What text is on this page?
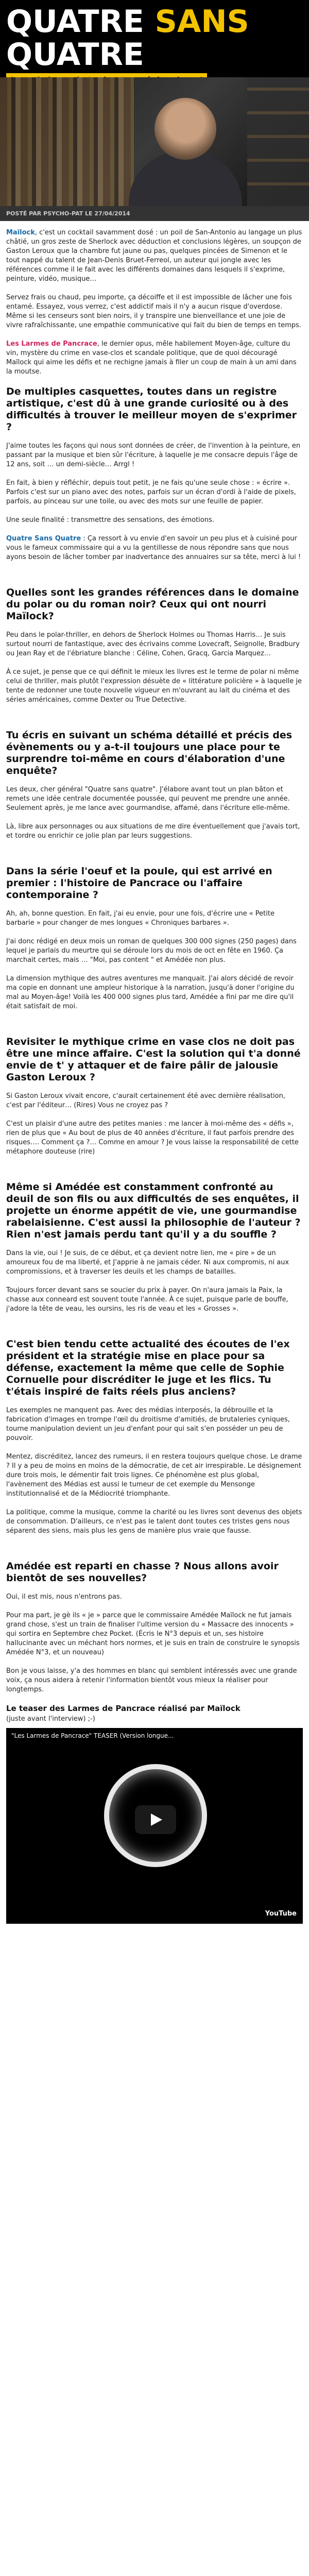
QUATRE SANS QUATRE
POSTÉ PAR PSYCHO-PAT LE 27/04/2014

Maïlock, c'est un cocktail savamment dosé : un poil de San-Antonio au langage un plus châtié, un gros zeste de Sherlock avec déduction et conclusions légères, un soupçon de Gaston Leroux que la chambre fut jaune ou pas, quelques pincées de Simenon et le tout nappé du talent de Jean-Denis Bruet-Ferreol, un auteur qui jongle avec les références comme il le fait avec les différents domaines dans lesquels il s'exprime, peinture, vidéo, musique…

Servez frais ou chaud, peu importe, ça décoiffe et il est impossible de lâcher une fois entamé. Essayez, vous verrez, c'est addictif mais il n'y a aucun risque d'overdose. Même si les censeurs sont bien noirs, il y transpire une bienveillance et une joie de vivre rafraîchissante, une empathie communicative qui fait du bien de temps en temps.

Les Larmes de Pancrace, le dernier opus, mêle habilement Moyen-âge, culture du vin, mystère du crime en vase-clos et scandale politique, que de quoi découragé Maïlock qui aime les défis et ne rechigne jamais à filer un coup de main à un ami dans la moutse.

De multiples casquettes, toutes dans un registre artistique, c'est dû à une grande curiosité ou à des difficultés à trouver le meilleur moyen de s'exprimer ?

J'aime toutes les façons qui nous sont données de créer, de l'invention à la peinture, en passant par la musique et bien sûr l'écriture, à laquelle je me consacre depuis l'âge de 12 ans, soit … un demi-siècle… Arrgl !

En fait, à bien y réfléchir, depuis tout petit, je ne fais qu'une seule chose : « écrire ». Parfois c'est sur un piano avec des notes, parfois sur un écran d'ordi à l'aide de pixels, parfois, au pinceau sur une toile, ou avec des mots sur une feuille de papier.

Une seule finalité : transmettre des sensations, des émotions.

Quatre Sans Quatre : Ça ressort à vu envie d'en savoir un peu plus et à cuisiné pour vous le fameux commissaire qui a vu la gentillesse de nous répondre sans que nous ayons besoin de lâcher tomber par inadvertance des annuaires sur sa tête, merci à lui !

Quelles sont les grandes références dans le domaine du polar ou du roman noir? Ceux qui ont nourri Maïlock?

Peu dans le polar-thriller, en dehors de Sherlock Holmes ou Thomas Harris… Je suis surtout nourri de fantastique, avec des écrivains comme Lovecraft, Seignolle, Bradbury ou Jean Ray et de l'ébriature blanche : Céline, Cohen, Gracq, Garcia Marquez…

À ce sujet, je pense que ce qui définit le mieux les livres est le terme de polar ni même celui de thriller, mais plutôt l'expression désuète de « littérature policière » à laquelle je tente de redonner une toute nouvelle vigueur en m'ouvrant au lait du cinéma et des séries américaines, comme Dexter ou True Detective.

Tu écris en suivant un schéma détaillé et précis des évènements ou y a-t-il toujours une place pour te surprendre toi-même en cours d'élaboration d'une enquête?

Les deux, cher général "Quatre sans quatre". J'élabore avant tout un plan bâton et remets une idée centrale documentée poussée, qui peuvent me prendre une année. Seulement après, je me lance avec gourmandise, affamé, dans l'écriture elle-même.

Là, libre aux personnages ou aux situations de me dire éventuellement que j'avais tort, et tordre ou enrichir ce jolie plan par leurs suggestions.

Dans la série l'oeuf et la poule, qui est arrivé en premier : l'histoire de Pancrace ou l'affaire contemporaine ?

Ah, ah, bonne question. En fait, j'ai eu envie, pour une fois, d'écrire une « Petite barbarie » pour changer de mes longues « Chroniques barbares ».

J'ai donc rédigé en deux mois un roman de quelques 300 000 signes (250 pages) dans lequel je parlais du meurtre qui se déroule lors du mois de oct en fête en 1960. Ça marchait certes, mais … "Moi, pas content " et Amédée non plus.

La dimension mythique des autres aventures me manquait. J'ai alors décidé de revoir ma copie en donnant une ampleur historique à la narration, jusqu'à doner l'origine du mal au Moyen-âge! Voilà les 400 000 signes plus tard, Amédée a fini par me dire qu'il était satisfait de moi.

Revisiter le mythique crime en vase clos ne doit pas être une mince affaire. C'est la solution qui t'a donné envie de t' y attaquer et de faire pâlir de jalousie Gaston Leroux ?

Si Gaston Leroux vivait encore, c'aurait certainement été avec dernière réalisation, c'est par l'éditeur… (Rires) Vous ne croyez pas ?

C'est un plaisir d'une autre des petites manies : me lancer à moi-même des « défis », rien de plus que « Au bout de plus de 40 années d'écriture, il faut parfois prendre des risques…. Comment ça ?… Comme en amour ? Je vous laisse la responsabilité de cette métaphore douteuse (rire)

Même si Amédée est constamment confronté au deuil de son fils ou aux difficultés de ses enquêtes, il projette un énorme appétit de vie, une gourmandise rabelaisienne. C'est aussi la philosophie de l'auteur ? Rien n'est jamais perdu tant qu'il y a du souffle ?

Dans la vie, oui ! Je suis, de ce début, et ça devient notre lien, me « pire » de un amoureux fou de ma liberté, et J'apprie à ne jamais céder. Ni aux compromis, ni aux compromissions, et à traverser les deuils et les champs de batailles.

Toujours forcer devant sans se soucier du prix à payer. On n'aura jamais la Paix, la chasse aux conneard est souvent toute l'année. À ce sujet, puisque parle de bouffe, j'adore la tête de veau, les oursins, les ris de veau et les « Grosses ».

C'est bien tendu cette actualité des écoutes de l'ex président et la stratégie mise en place pour sa défense, exactement la même que celle de Sophie Cornuelle pour discréditer le juge et les flics. Tu t'étais inspiré de faits réels plus anciens?

Les exemples ne manquent pas. Avec des médias interposés, la débrouille et la fabrication d'images en trompe l'œil du droitisme d'amitiés, de brutaleries cyniques, tourne manipulation devient un jeu d'enfant pour qui sait s'en posséder un peu de pouvoir.

Mentez, discréditez, lancez des rumeurs, il en restera toujours quelque chose. Le drame ? Il y a peu de moins en moins de la démocratie, de cet air irrespirable. Le désignement dure trois mois, le démentir fait trois lignes. Ce phénomène est plus global, l'avènement des Médias est aussi le tumeur de cet exemple du Mensonge institutionnalisé et de la Médiocrité triomphante.

La politique, comme la musique, comme la charité ou les livres sont devenus des objets de consommation. D'ailleurs, ce n'est pas le talent dont toutes ces tristes gens nous séparent des siens, mais plus les gens de manière plus vraie que fausse.

Amédée est reparti en chasse ? Nous allons avoir bientôt de ses nouvelles?

Oui, il est mis, nous n'entrons pas.

Pour ma part, je gè ils « je » parce que le commissaire Amédée Maïlock ne fut jamais grand chose, s'est un train de finaliser l'ultime version du « Massacre des innocents » qui sortira en Septembre chez Pocket. (Écris le N°3 depuis et un, ses histoire hallucinante avec un méchant hors normes, et je suis en train de construire le synopsis Amédée N°3, et un nouveau)

Bon je vous laisse, y'a des hommes en blanc qui semblent intéressés avec une grande voix, ça nous aidera à retenir l'information bientôt vous mieux la réaliser pour longtemps.

Le teaser des Larmes de Pancrace réalisé par Maïlock
(juste avant l'interview) ;-)
"Les Larmes de Pancrace" TEASER (Version longue...
YouTube
